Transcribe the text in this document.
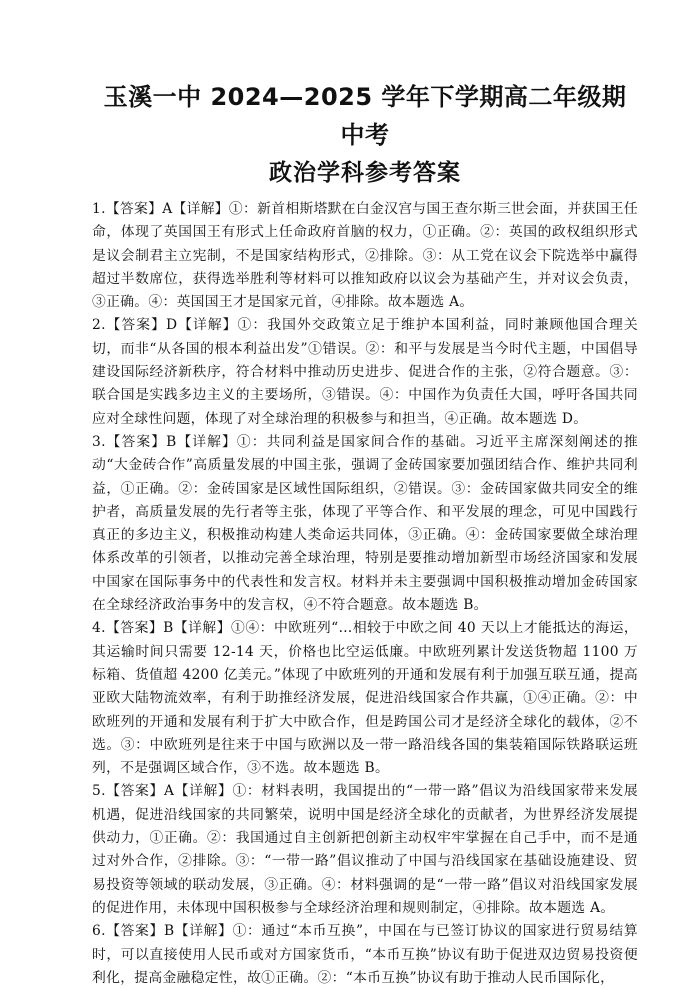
玉溪一中 2024—2025 学年下学期高二年级期中考
政治学科参考答案

1.【答案】A【详解】①：新首相斯塔默在白金汉宫与国王查尔斯三世会面，并获国王任命，体现了英国国王有形式上任命政府首脑的权力，①正确。②：英国的政权组织形式是议会制君主立宪制，不是国家结构形式，②排除。③：从工党在议会下院选举中赢得超过半数席位，获得选举胜利等材料可以推知政府以议会为基础产生，并对议会负责，③正确。④：英国国王才是国家元首，④排除。故本题选 A。

2.【答案】D【详解】①：我国外交政策立足于维护本国利益，同时兼顾他国合理关切，而非“从各国的根本利益出发”①错误。②：和平与发展是当今时代主题，中国倡导建设国际经济新秩序，符合材料中推动历史进步、促进合作的主张，②符合题意。③：联合国是实践多边主义的主要场所，③错误。④：中国作为负责任大国，呼吁各国共同应对全球性问题，体现了对全球治理的积极参与和担当，④正确。故本题选 D。

3.【答案】B【详解】①：共同利益是国家间合作的基础。习近平主席深刻阐述的推动“大金砖合作”高质量发展的中国主张，强调了金砖国家要加强团结合作、维护共同利益，①正确。②：金砖国家是区域性国际组织，②错误。③：金砖国家做共同安全的维护者，高质量发展的先行者等主张，体现了平等合作、和平发展的理念，可见中国践行真正的多边主义，积极推动构建人类命运共同体，③正确。④：金砖国家要做全球治理体系改革的引领者，以推动完善全球治理，特别是要推动增加新型市场经济国家和发展中国家在国际事务中的代表性和发言权。材料并未主要强调中国积极推动增加金砖国家在全球经济政治事务中的发言权，④不符合题意。故本题选 B。

4.【答案】B【详解】①④：中欧班列“…相较于中欧之间 40 天以上才能抵达的海运，其运输时间只需要 12-14 天，价格也比空运低廉。中欧班列累计发送货物超 1100 万标箱、货值超 4200 亿美元。”体现了中欧班列的开通和发展有利于加强互联互通，提高亚欧大陆物流效率，有利于助推经济发展，促进沿线国家合作共赢，①④正确。②：中欧班列的开通和发展有利于扩大中欧合作，但是跨国公司才是经济全球化的载体，②不选。③：中欧班列是往来于中国与欧洲以及一带一路沿线各国的集装箱国际铁路联运班列，不是强调区域合作，③不选。故本题选 B。

5.【答案】A【详解】①：材料表明，我国提出的“一带一路”倡议为沿线国家带来发展机遇，促进沿线国家的共同繁荣，说明中国是经济全球化的贡献者，为世界经济发展提供动力，①正确。②：我国通过自主创新把创新主动权牢牢掌握在自己手中，而不是通过对外合作，②排除。③：“一带一路”倡议推动了中国与沿线国家在基础设施建设、贸易投资等领域的联动发展，③正确。④：材料强调的是“一带一路”倡议对沿线国家发展的促进作用，未体现中国积极参与全球经济治理和规则制定，④排除。故本题选 A。

6.【答案】B【详解】①：通过“本币互换”，中国在与已签订协议的国家进行贸易结算时，可以直接使用人民币或对方国家货币，“本币互换”协议有助于促进双边贸易投资便利化，提高金融稳定性，故①正确。②：“本币互换”协议有助于推动人民币国际化，
